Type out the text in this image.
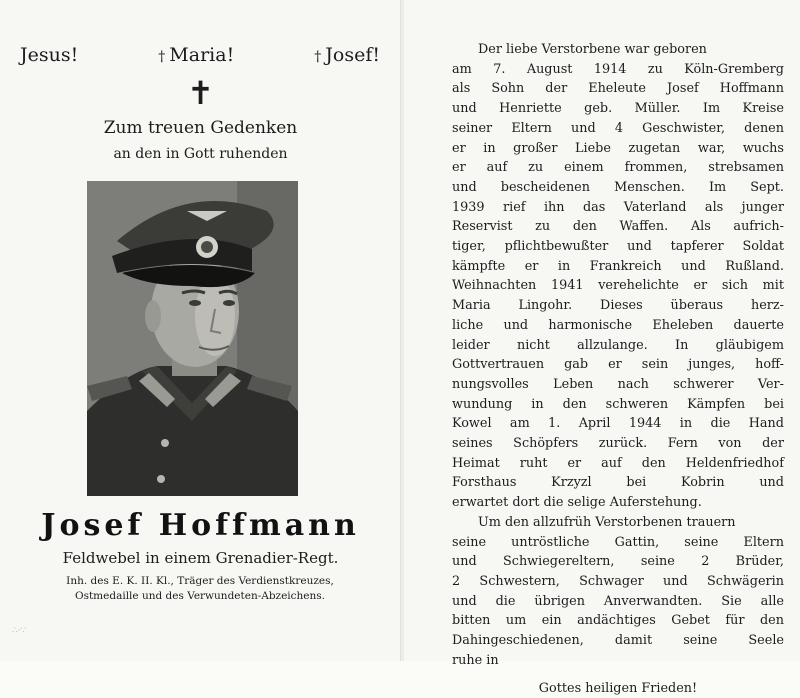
Jesus!	† Maria!	† Josef!
✝
Zum treuen Gedenken
an den in Gott ruhenden
Josef Hoffmann
Feldwebel in einem Grenadier-Regt.
Inh. des E. K. II. Kl., Träger des Verdienstkreuzes,
Ostmedaille und des Verwundeten-Abzeichens.
∴·∵
Der liebe Verstorbene war geboren
am 7. August 1914 zu Köln-Gremberg
als Sohn der Eheleute Josef Hoffmann
und Henriette geb. Müller. Im Kreise
seiner Eltern und 4 Geschwister, denen
er in großer Liebe zugetan war, wuchs
er auf zu einem frommen, strebsamen
und bescheidenen Menschen. Im Sept.
1939 rief ihn das Vaterland als junger
Reservist zu den Waffen. Als aufrich-
tiger, pflichtbewußter und tapferer Soldat
kämpfte er in Frankreich und Rußland.
Weihnachten 1941 verehelichte er sich mit
Maria Lingohr. Dieses überaus herz-
liche und harmonische Eheleben dauerte
leider nicht allzulange. In gläubigem
Gottvertrauen gab er sein junges, hoff-
nungsvolles Leben nach schwerer Ver-
wundung in den schweren Kämpfen bei
Kowel am 1. April 1944 in die Hand
seines Schöpfers zurück. Fern von der
Heimat ruht er auf den Heldenfriedhof
Forsthaus Krzyzl bei Kobrin und
erwartet dort die selige Auferstehung.
Um den allzufrüh Verstorbenen trauern
seine untröstliche Gattin, seine Eltern
und Schwiegereltern, seine 2 Brüder,
2 Schwestern, Schwager und Schwägerin
und die übrigen Anverwandten. Sie alle
bitten um ein andächtiges Gebet für den
Dahingeschiedenen, damit seine Seele
ruhe in
Gottes heiligen Frieden!
